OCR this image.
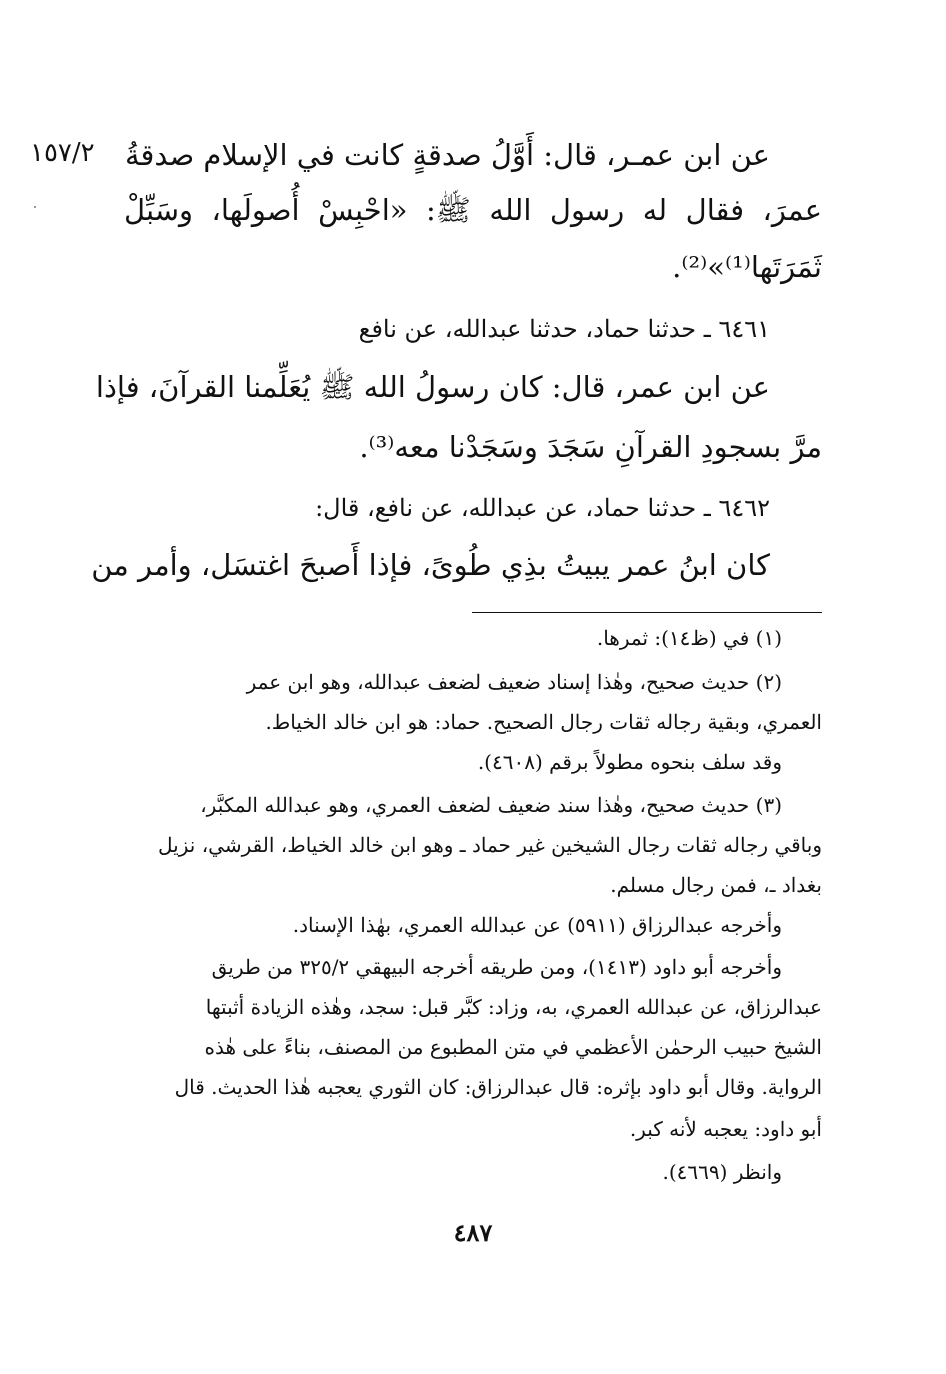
١٥٧/٢ عن ابن عمـر، قال: أَوَّلُ صدقةٍ كانت في الإسلام صدقةُ
عمرَ، فقال له رسول الله ﷺ: «احْبِسْ أُصولَها، وسَبِّلْ
ثَمَرَتَها⁽¹⁾»⁽²⁾.
٦٤٦١ ـ حدثنا حماد، حدثنا عبدالله، عن نافع
عن ابن عمر، قال: كان رسولُ الله ﷺ يُعَلِّمنا القرآنَ، فإذا
مرَّ بسجودِ القرآنِ سَجَدَ وسَجَدْنا معه⁽³⁾.
٦٤٦٢ ـ حدثنا حماد، عن عبدالله، عن نافع، قال:
كان ابنُ عمر يبيتُ بذِي طُوىً، فإذا أَصبحَ اغتسَل، وأمر من
(١) في (ظ١٤): ثمرها.
(٢) حديث صحيح، وهٰذا إسناد ضعيف لضعف عبدالله، وهو ابن عمر
العمري، وبقية رجاله ثقات رجال الصحيح. حماد: هو ابن خالد الخياط.
وقد سلف بنحوه مطولاً برقم (٤٦٠٨).
(٣) حديث صحيح، وهٰذا سند ضعيف لضعف العمري، وهو عبدالله المكبَّر،
وباقي رجاله ثقات رجال الشيخين غير حماد ـ وهو ابن خالد الخياط، القرشي، نزيل
بغداد ـ، فمن رجال مسلم.
وأخرجه عبدالرزاق (٥٩١١) عن عبدالله العمري، بهٰذا الإسناد.
وأخرجه أبو داود (١٤١٣)، ومن طريقه أخرجه البيهقي ٣٢٥/٢ من طريق
عبدالرزاق، عن عبدالله العمري، به، وزاد: كبَّر قبل: سجد، وهٰذه الزيادة أثبتها
الشيخ حبيب الرحمٰن الأعظمي في متن المطبوع من المصنف، بناءً على هٰذه
الرواية. وقال أبو داود بإثره: قال عبدالرزاق: كان الثوري يعجبه هٰذا الحديث. قال
أبو داود: يعجبه لأنه كبر.
وانظر (٤٦٦٩).
٤٨٧
